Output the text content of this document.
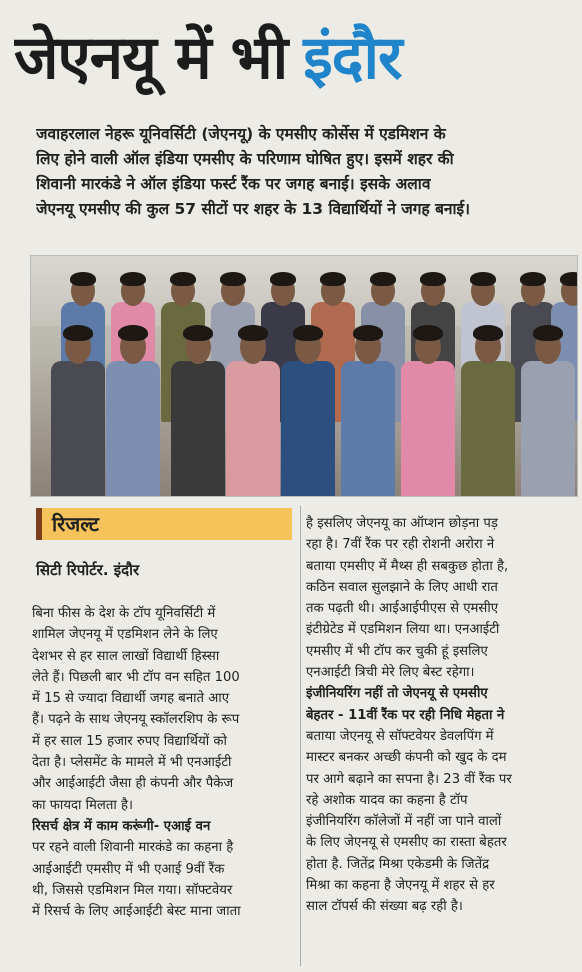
जेएनयू में भी इंदौर

जवाहरलाल नेहरू यूनिवर्सिटी (जेएनयू) के एमसीए कोर्सेस में एडमिशन के

लिए होने वाली ऑल इंडिया एमसीए के परिणाम घोषित हुए। इसमें शहर की

शिवानी मारकंडे ने ऑल इंडिया फर्स्ट रैंक पर जगह बनाई। इसके अलाव

जेएनयू एमसीए की कुल 57 सीटों पर शहर के 13 विद्यार्थियों ने जगह बनाई।

रिजल्ट
सिटी रिपोर्टर. इंदौर

बिना फीस के देश के टॉप यूनिवर्सिटी में

शामिल जेएनयू में एडमिशन लेने के लिए

देशभर से हर साल लाखों विद्यार्थी हिस्सा

लेते हैं। पिछली बार भी टॉप वन सहित 100

में 15 से ज्यादा विद्यार्थी जगह बनाते आए

हैं। पढ़ने के साथ जेएनयू स्कॉलरशिप के रूप

में हर साल 15 हजार रुपए विद्यार्थियों को

देता है। प्लेसमेंट के मामले में भी एनआईटी

और आईआईटी जैसा ही कंपनी और पैकेज

का फायदा मिलता है।

रिसर्च क्षेत्र में काम करूंगी- एआई वन

पर रहने वाली शिवानी मारकंडे का कहना है

आईआईटी एमसीए में भी एआई 9वीं रैंक

थी, जिससे एडमिशन मिल गया। सॉफ्टवेयर

में रिसर्च के लिए आईआईटी बेस्ट माना जाता

है इसलिए जेएनयू का ऑप्शन छोड़ना पड़

रहा है। 7वीं रैंक पर रही रोशनी अरोरा ने

बताया एमसीए में मैथ्स ही सबकुछ होता है,

कठिन सवाल सुलझाने के लिए आधी रात

तक पढ़ती थी। आईआईपीएस से एमसीए

इंटीग्रेटेड में एडमिशन लिया था। एनआईटी

एमसीए में भी टॉप कर चुकी हूं इसलिए

एनआईटी त्रिची मेरे लिए बेस्ट रहेगा।

इंजीनियरिंग नहीं तो जेएनयू से एमसीए

बेहतर - 11वीं रैंक पर रही निधि मेहता ने

बताया जेएनयू से सॉफ्टवेयर डेवलपिंग में

मास्टर बनकर अच्छी कंपनी को खुद के दम

पर आगे बढ़ाने का सपना है। 23 वीं रैंक पर

रहे अशोक यादव का कहना है टॉप

इंजीनियरिंग कॉलेजों में नहीं जा पाने वालों

के लिए जेएनयू से एमसीए का रास्ता बेहतर

होता है. जितेंद्र मिश्रा एकेडमी के जितेंद्र

मिश्रा का कहना है जेएनयू में शहर से हर

साल टॉपर्स की संख्या बढ़ रही है।
